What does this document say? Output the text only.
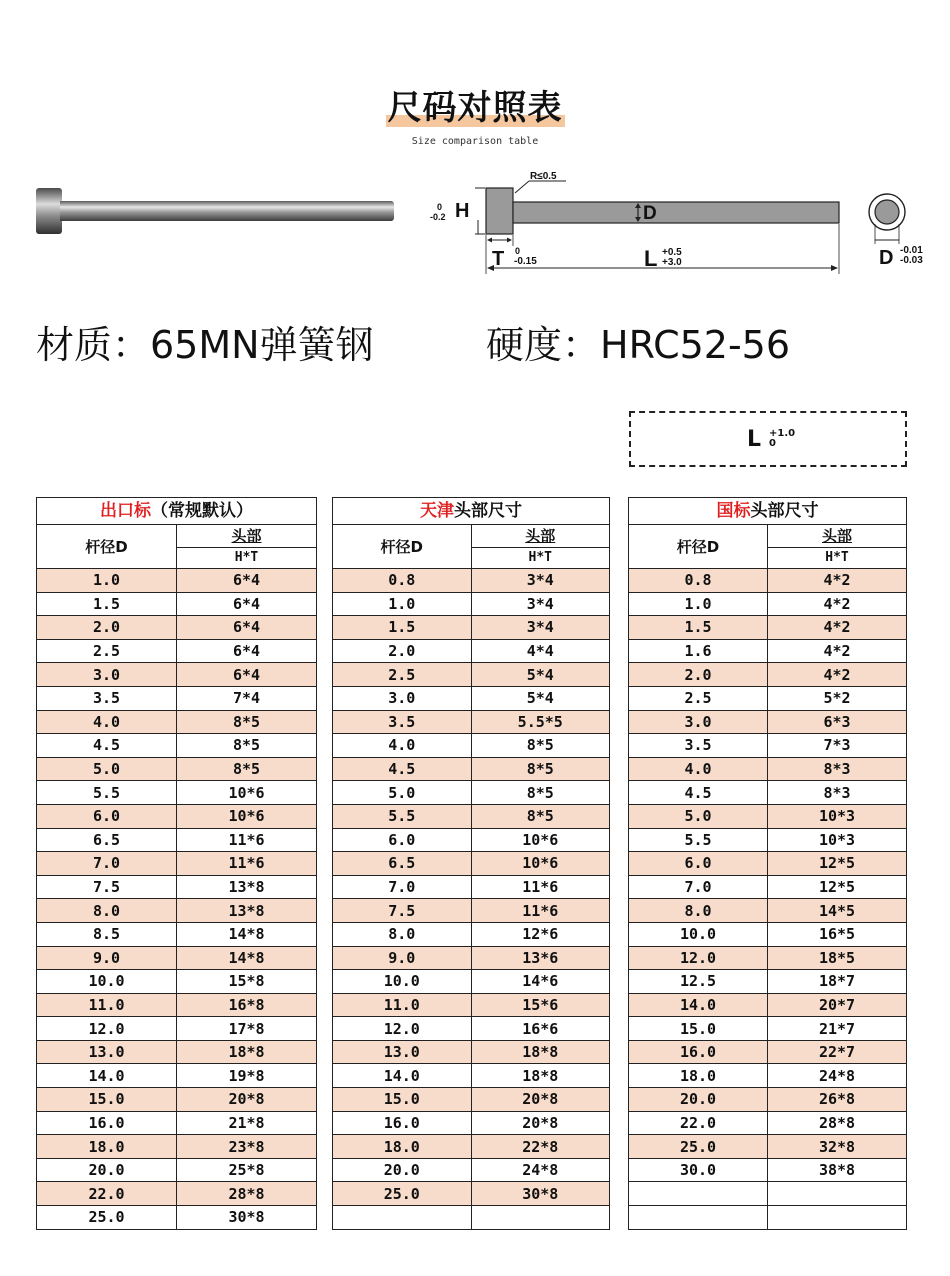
尺码对照表
Size comparison table
R≤0.5
H
0
-0.2	D
T 0
-0.15	L +0.5
+3.0	D -0.01
-0.03
材质：65MN弹簧钢	硬度：HRC52-56
L +1.0
0
出口标（常规默认）	
杆径D	头部
	H*T
1.0	6*4
1.5	6*4
2.0	6*4
2.5	6*4
3.0	6*4
3.5	7*4
4.0	8*5
4.5	8*5
5.0	8*5
5.5	10*6
6.0	10*6
6.5	11*6
7.0	11*6
7.5	13*8
8.0	13*8
8.5	14*8
9.0	14*8
10.0	15*8
11.0	16*8
12.0	17*8
13.0	18*8
14.0	19*8
15.0	20*8
16.0	21*8
18.0	23*8
20.0	25*8
22.0	28*8
25.0	30*8
天津头部尺寸	
杆径D	头部
	H*T
0.8	3*4
1.0	3*4
1.5	3*4
2.0	4*4
2.5	5*4
3.0	5*4
3.5	5.5*5
4.0	8*5
4.5	8*5
5.0	8*5
5.5	8*5
6.0	10*6
6.5	10*6
7.0	11*6
7.5	11*6
8.0	12*6
9.0	13*6
10.0	14*6
11.0	15*6
12.0	16*6
13.0	18*8
14.0	18*8
15.0	20*8
16.0	20*8
18.0	22*8
20.0	24*8
25.0	30*8

国标头部尺寸	
杆径D	头部
	H*T
0.8	4*2
1.0	4*2
1.5	4*2
1.6	4*2
2.0	4*2
2.5	5*2
3.0	6*3
3.5	7*3
4.0	8*3
4.5	8*3
5.0	10*3
5.5	10*3
6.0	12*5
7.0	12*5
8.0	14*5
10.0	16*5
12.0	18*5
12.5	18*7
14.0	20*7
15.0	21*7
16.0	22*7
18.0	24*8
20.0	26*8
22.0	28*8
25.0	32*8
30.0	38*8
